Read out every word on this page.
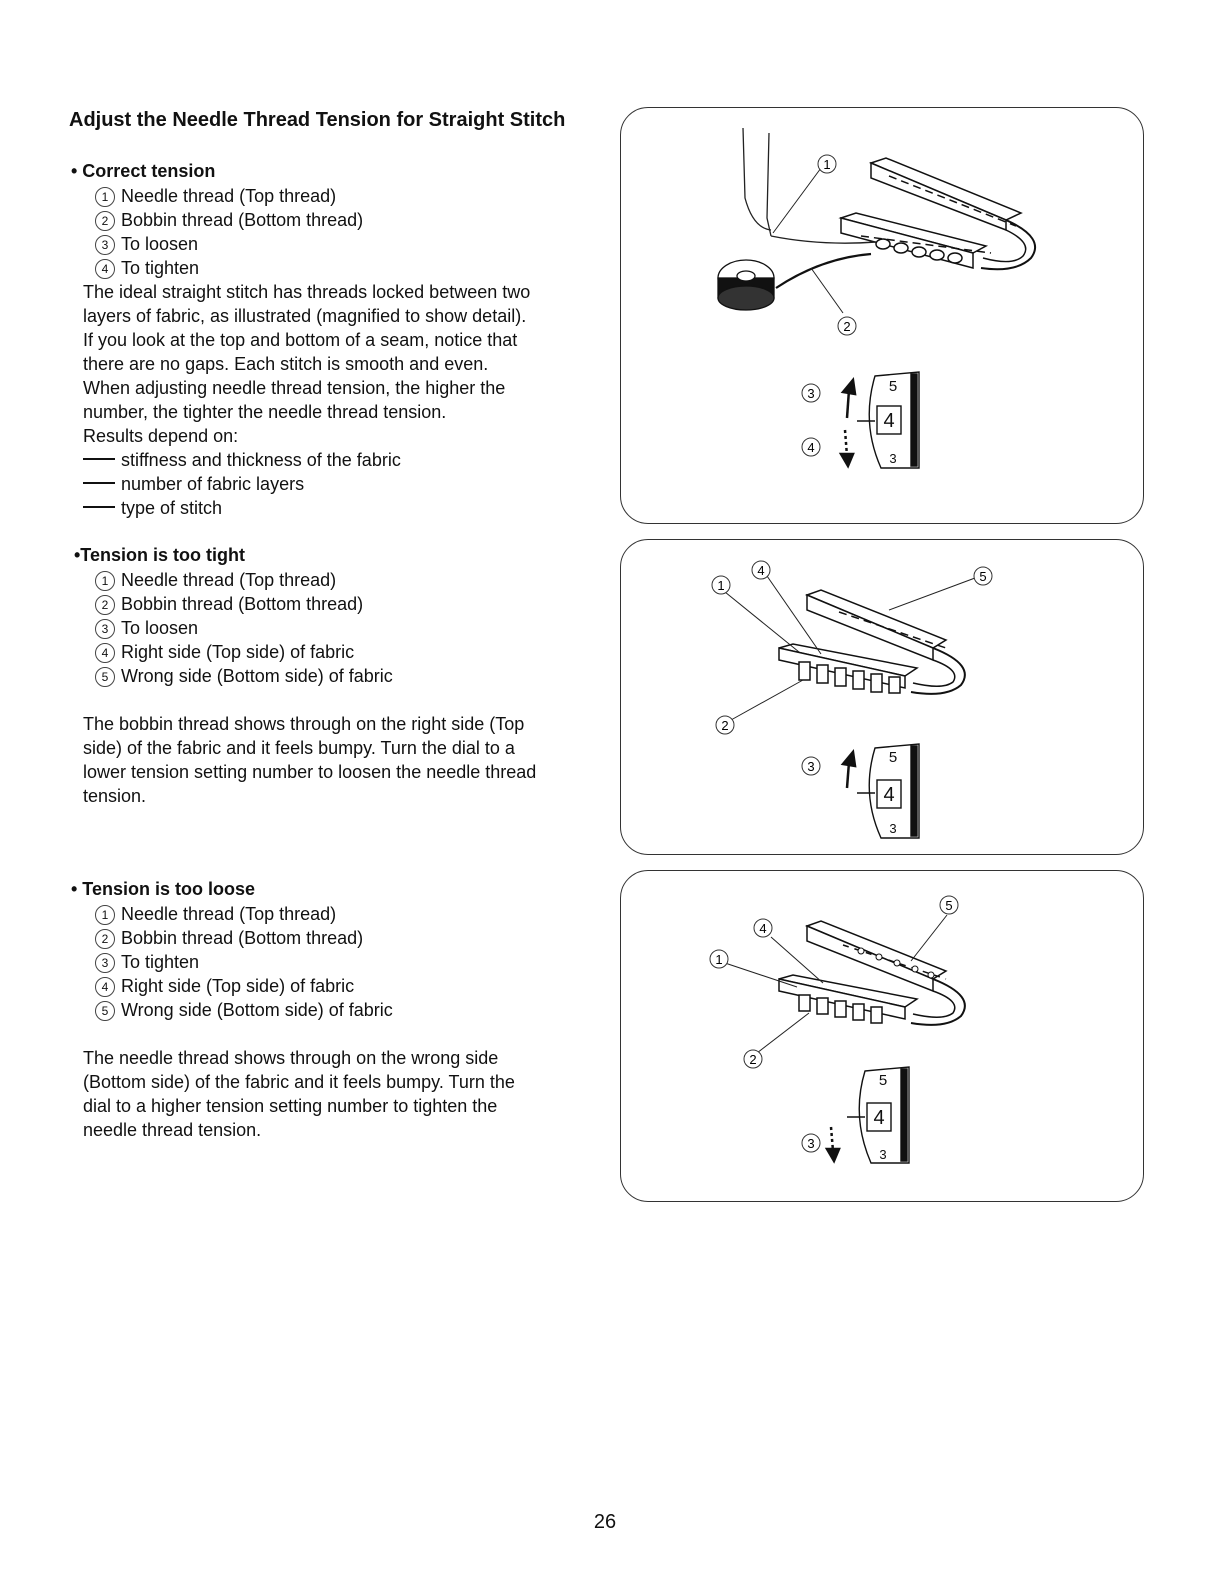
Adjust the Needle Thread Tension for Straight Stitch
• Correct tension
1 Needle thread (Top thread)
2 Bobbin thread (Bottom thread)
3 To loosen
4 To tighten
The ideal straight stitch has threads locked between two
layers of fabric, as illustrated (magnified to show detail).
If you look at the top and bottom of a seam, notice that
there are no gaps. Each stitch is smooth and even.
When adjusting needle thread tension, the higher the
number, the tighter the needle thread tension.
Results depend on:
stiffness and thickness of the fabric
number of fabric layers
type of stitch
•Tension is too tight
1 Needle thread (Top thread)
2 Bobbin thread (Bottom thread)
3 To loosen
4 Right side (Top side) of fabric
5 Wrong side (Bottom side) of fabric
The bobbin thread shows through on the right side (Top
side) of the fabric and it feels bumpy. Turn the dial to a
lower tension setting number to loosen the needle thread
tension.
• Tension is too loose
1 Needle thread (Top thread)
2 Bobbin thread (Bottom thread)
3 To tighten
4 Right side (Top side) of fabric
5 Wrong side (Bottom side) of fabric
The needle thread shows through on the wrong side
(Bottom side) of the fabric and it feels bumpy. Turn the
dial to a higher tension setting number to tighten the
needle thread tension.
1
2
3
4
4
5
3
1
4	5
2
3
4
5
3
1
4
5
2
3
4
5
3
26
